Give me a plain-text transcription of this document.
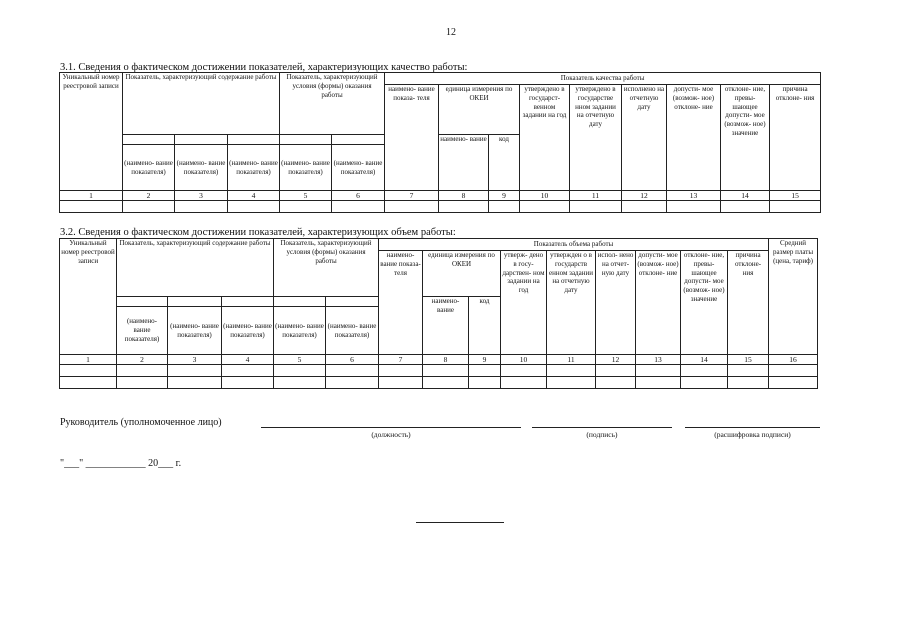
12
3.1. Сведения о фактическом достижении показателей, характеризующих качество работы:
Уникальный номер реестровой записи	Показатель, характеризующий содержание работы			Показатель, характеризующий условия (формы) оказания работы		Показатель качества работы								
						наимено- вание показа- теля	единица измерения по ОКЕИ		утверждено в государст- венном задании на год	утверждено в государстве нном задании на отчетную дату	исполнено на отчетную дату	допусти- мое (возмож- ное) отклоне- ние	отклоне- ние, превы- шающее допусти- мое (возмож- ное) значение	причина отклоне- ния
							наимено- вание	код						
	(наимено- вание показателя)	(наимено- вание показателя)	(наимено- вание показателя)	(наимено- вание показателя)	(наимено- вание показателя)									
1	2	3	4	5	6	7	8	9	10	11	12	13	14	15

3.2. Сведения о фактическом достижении показателей, характеризующих объем работы:
Уникальный номер реестровой записи	Показатель, характеризующий содержание работы			Показатель, характеризующий условия (формы) оказания работы		Показатель объема работы									Средний размер платы (цена, тариф)
						наимено- вание показа- теля	единица измерения по ОКЕИ		утверж- дено в госу- дарствен- ном задании на год	утвержден о в государств енном задании на отчетную дату	испол- нено на отчет-ную дату	допусти- мое (возмож- ное) отклоне- ние	отклоне- ние, превы- шающее допусти- мое (возмож- ное) значение	причина отклоне- ния	
							наимено- вание	код							
	(наимено- вание показателя)	(наимено- вание показателя)	(наимено- вание показателя)	(наимено- вание показателя)	(наимено- вание показателя)										
1	2	3	4	5	6	7	8	9	10	11	12	13	14	15	16

Руководитель (уполномоченное лицо)
(должность)	(подпись)	(расшифровка подписи)
"___" ____________ 20___ г.
